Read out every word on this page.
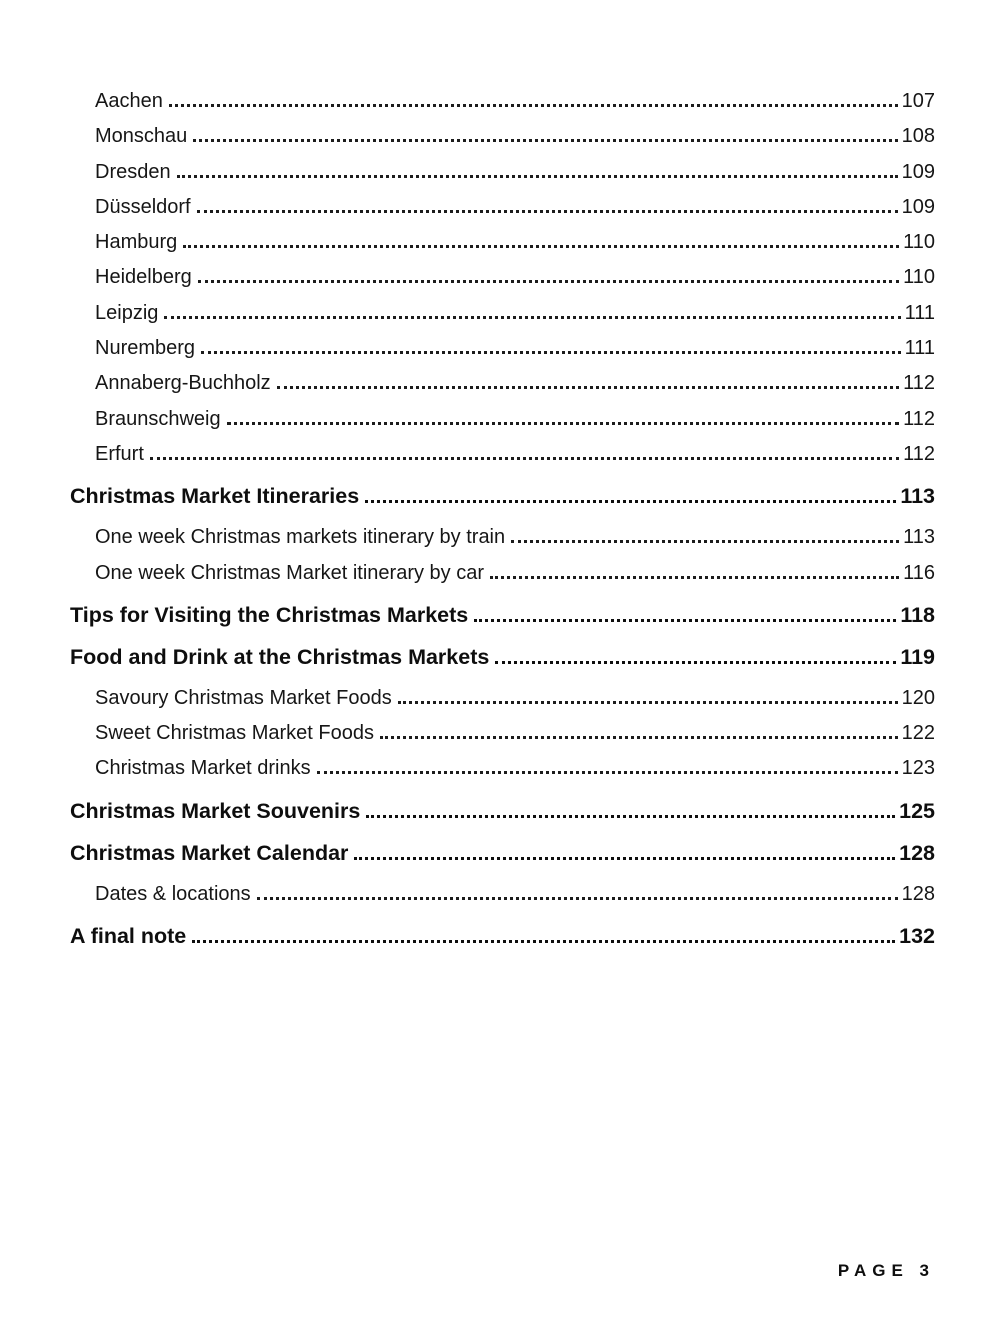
Aachen	107
Monschau	108
Dresden	109
Düsseldorf	109
Hamburg	110
Heidelberg	110
Leipzig	111
Nuremberg	111
Annaberg-Buchholz	112
Braunschweig	112
Erfurt	112
Christmas Market Itineraries	113
One week Christmas markets itinerary by train	113
One week Christmas Market itinerary by car	116
Tips for Visiting the Christmas Markets	118
Food and Drink at the Christmas Markets	119
Savoury Christmas Market Foods	120
Sweet Christmas Market Foods	122
Christmas Market drinks	123
Christmas Market Souvenirs	125
Christmas Market Calendar	128
Dates & locations	128
A final note	132
PAGE 3
